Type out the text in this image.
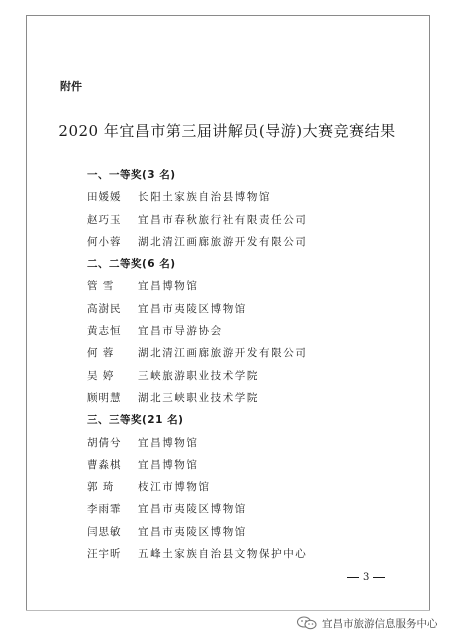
附件
2020 年宜昌市第三届讲解员(导游)大赛竞赛结果
一、一等奖(3 名)
田媛媛 长阳土家族自治县博物馆
赵巧玉 宜昌市春秋旅行社有限责任公司
何小蓉 湖北清江画廊旅游开发有限公司
二、二等奖(6 名)
管 雪 宜昌博物馆
高澍民 宜昌市夷陵区博物馆
黄志恒 宜昌市导游协会
何 蓉 湖北清江画廊旅游开发有限公司
吴 婷 三峡旅游职业技术学院
顾明慧 湖北三峡职业技术学院
三、三等奖(21 名)
胡倩兮 宜昌博物馆
曹淼棋 宜昌博物馆
郭 琦 枝江市博物馆
李雨霏 宜昌市夷陵区博物馆
闫思敏 宜昌市夷陵区博物馆
汪宇昕 五峰土家族自治县文物保护中心
3
宜昌市旅游信息服务中心
